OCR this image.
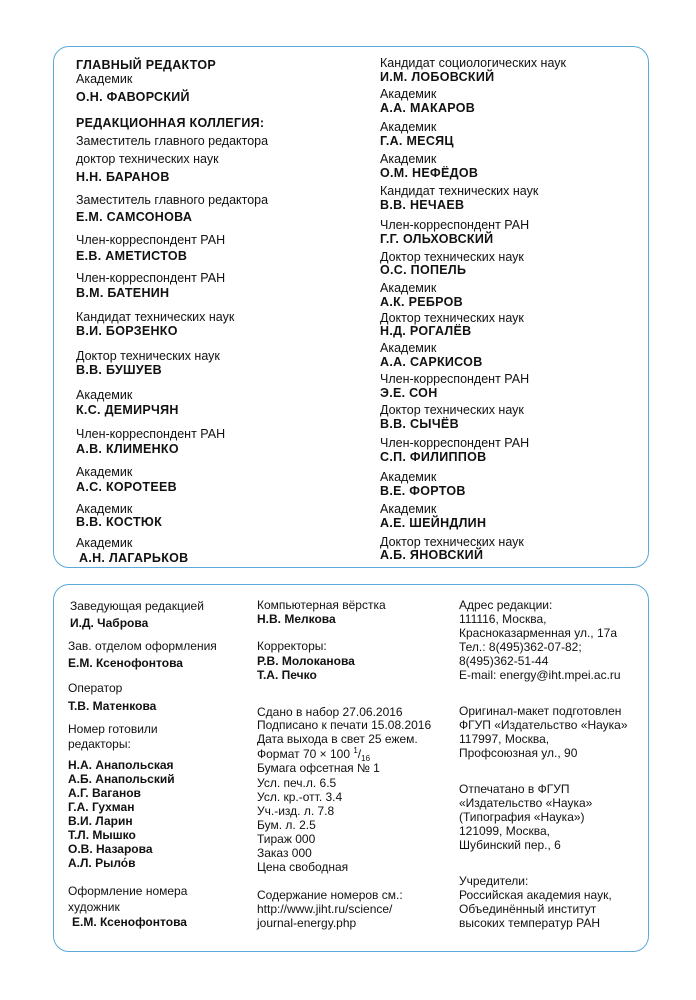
ГЛАВНЫЙ РЕДАКТОР
Академик
О.Н. ФАВОРСКИЙ
РЕДАКЦИОННАЯ КОЛЛЕГИЯ:
Заместитель главного редактора
доктор технических наук
Н.Н. БАРАНОВ
Заместитель главного редактора
Е.М. САМСОНОВА
Член-корреспондент РАН
Е.В. АМЕТИСТОВ
Член-корреспондент РАН
В.М. БАТЕНИН
Кандидат технических наук
В.И. БОРЗЕНКО
Доктор технических наук
В.В. БУШУЕВ
Академик
К.С. ДЕМИРЧЯН
Член-корреспондент РАН
А.В. КЛИМЕНКО
Академик
А.С. КОРОТЕЕВ
Академик
В.В. КОСТЮК
Академик
А.Н. ЛАГАРЬКОВ
Кандидат социологических наук
И.М. ЛОБОВСКИЙ
Академик
А.А. МАКАРОВ
Академик
Г.А. МЕСЯЦ
Академик
О.М. НЕФЁДОВ
Кандидат технических наук
В.В. НЕЧАЕВ
Член-корреспондент РАН
Г.Г. ОЛЬХОВСКИЙ
Доктор технических наук
О.С. ПОПЕЛЬ
Академик
А.К. РЕБРОВ
Доктор технических наук
Н.Д. РОГАЛЁВ
Академик
А.А. САРКИСОВ
Член-корреспондент РАН
Э.Е. СОН
Доктор технических наук
В.В. СЫЧЁВ
Член-корреспондент РАН
С.П. ФИЛИППОВ
Академик
В.Е. ФОРТОВ
Академик
А.Е. ШЕЙНДЛИН
Доктор технических наук
А.Б. ЯНОВСКИЙ
Заведующая редакцией
И.Д. Чаброва
Зав. отделом оформления
Е.М. Ксенофонтова
Оператор
Т.В. Матенкова
Номер готовили
редакторы:
Н.А. Анапольская
А.Б. Анапольский
А.Г. Ваганов
Г.А. Гухман
В.И. Ларин
Т.Л. Мышко
О.В. Назарова
А.Л. Рыло́в
Оформление номера
художник
Е.М. Ксенофонтова
Компьютерная вёрстка
Н.В. Мелкова
Корректоры:
Р.В. Молоканова
Т.А. Печко
Сдано в набор 27.06.2016
Подписано к печати 15.08.2016
Дата выхода в свет 25 ежем.
Формат 70 × 100 $^1/_{16}$
Бумага офсетная № 1
Усл. печ.л. 6.5
Усл. кр.-отт. 3.4
Уч.-изд. л. 7.8
Бум. л. 2.5
Тираж 000
Заказ 000
Цена свободная
Содержание номеров см.:
http://www.jiht.ru/science/
journal-energy.php
Адрес редакции:
111116, Москва,
Красноказарменная ул., 17а
Тел.: 8(495)362-07-82;
8(495)362-51-44
E-mail: energy@iht.mpei.ac.ru
Оригинал-макет подготовлен
ФГУП «Издательство «Наука»
117997, Москва,
Профсоюзная ул., 90
Отпечатано в ФГУП
«Издательство «Наука»
(Типография «Наука»)
121099, Москва,
Шубинский пер., 6
Учредители:
Российская академия наук,
Объединённый институт
высоких температур РАН
